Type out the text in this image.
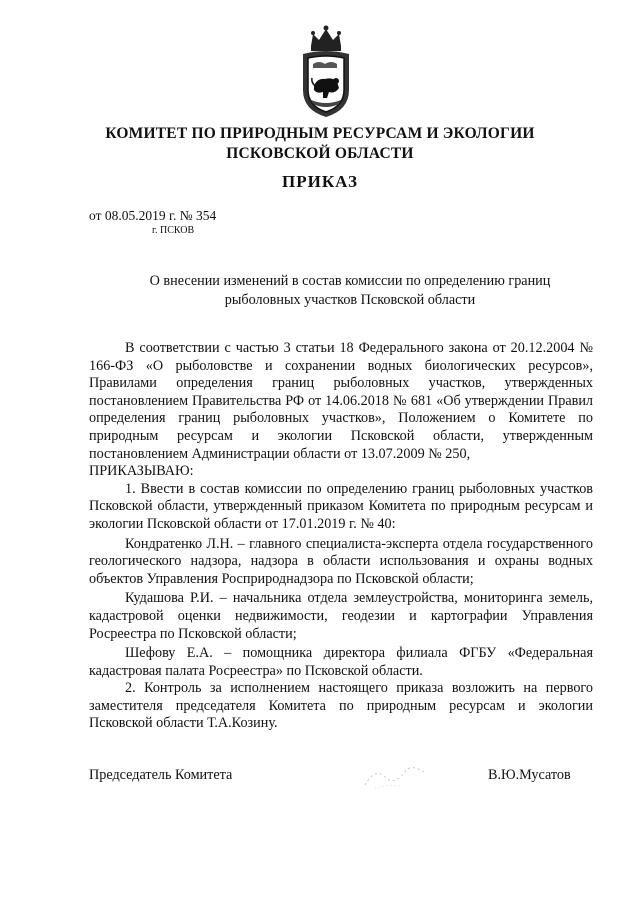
КОМИТЕТ ПО ПРИРОДНЫМ РЕСУРСАМ И ЭКОЛОГИИ
ПСКОВСКОЙ ОБЛАСТИ
ПРИКАЗ
от 08.05.2019 г. № 354
г. ПСКОВ
О внесении изменений в состав комиссии по определению границ
рыболовных участков Псковской области

В соответствии с частью 3 статьи 18 Федерального закона от 20.12.2004 № 166-ФЗ «О рыболовстве и сохранении водных биологических ресурсов», Правилами определения границ рыболовных участков, утвержденных постановлением Правительства РФ от 14.06.2018 № 681 «Об утверждении Правил определения границ рыболовных участков», Положением о Комитете по природным ресурсам и экологии Псковской области, утвержденным постановлением Администрации области от 13.07.2009 № 250,

ПРИКАЗЫВАЮ:

1. Ввести в состав комиссии по определению границ рыболовных участков Псковской области, утвержденный приказом Комитета по природным ресурсам и экологии Псковской области от 17.01.2019 г. № 40:

Кондратенко Л.Н. – главного специалиста-эксперта отдела государственного геологического надзора, надзора в области использования и охраны водных объектов Управления Росприроднадзора по Псковской области;

Кудашова Р.И. – начальника отдела землеустройства, мониторинга земель, кадастровой оценки недвижимости, геодезии и картографии Управления Росреестра по Псковской области;

Шефову Е.А. – помощника директора филиала ФГБУ «Федеральная кадастровая палата Росреестра» по Псковской области.

2. Контроль за исполнением настоящего приказа возложить на первого заместителя председателя Комитета по природным ресурсам и экологии Псковской области Т.А.Козину.

Председатель Комитета	В.Ю.Мусатов
